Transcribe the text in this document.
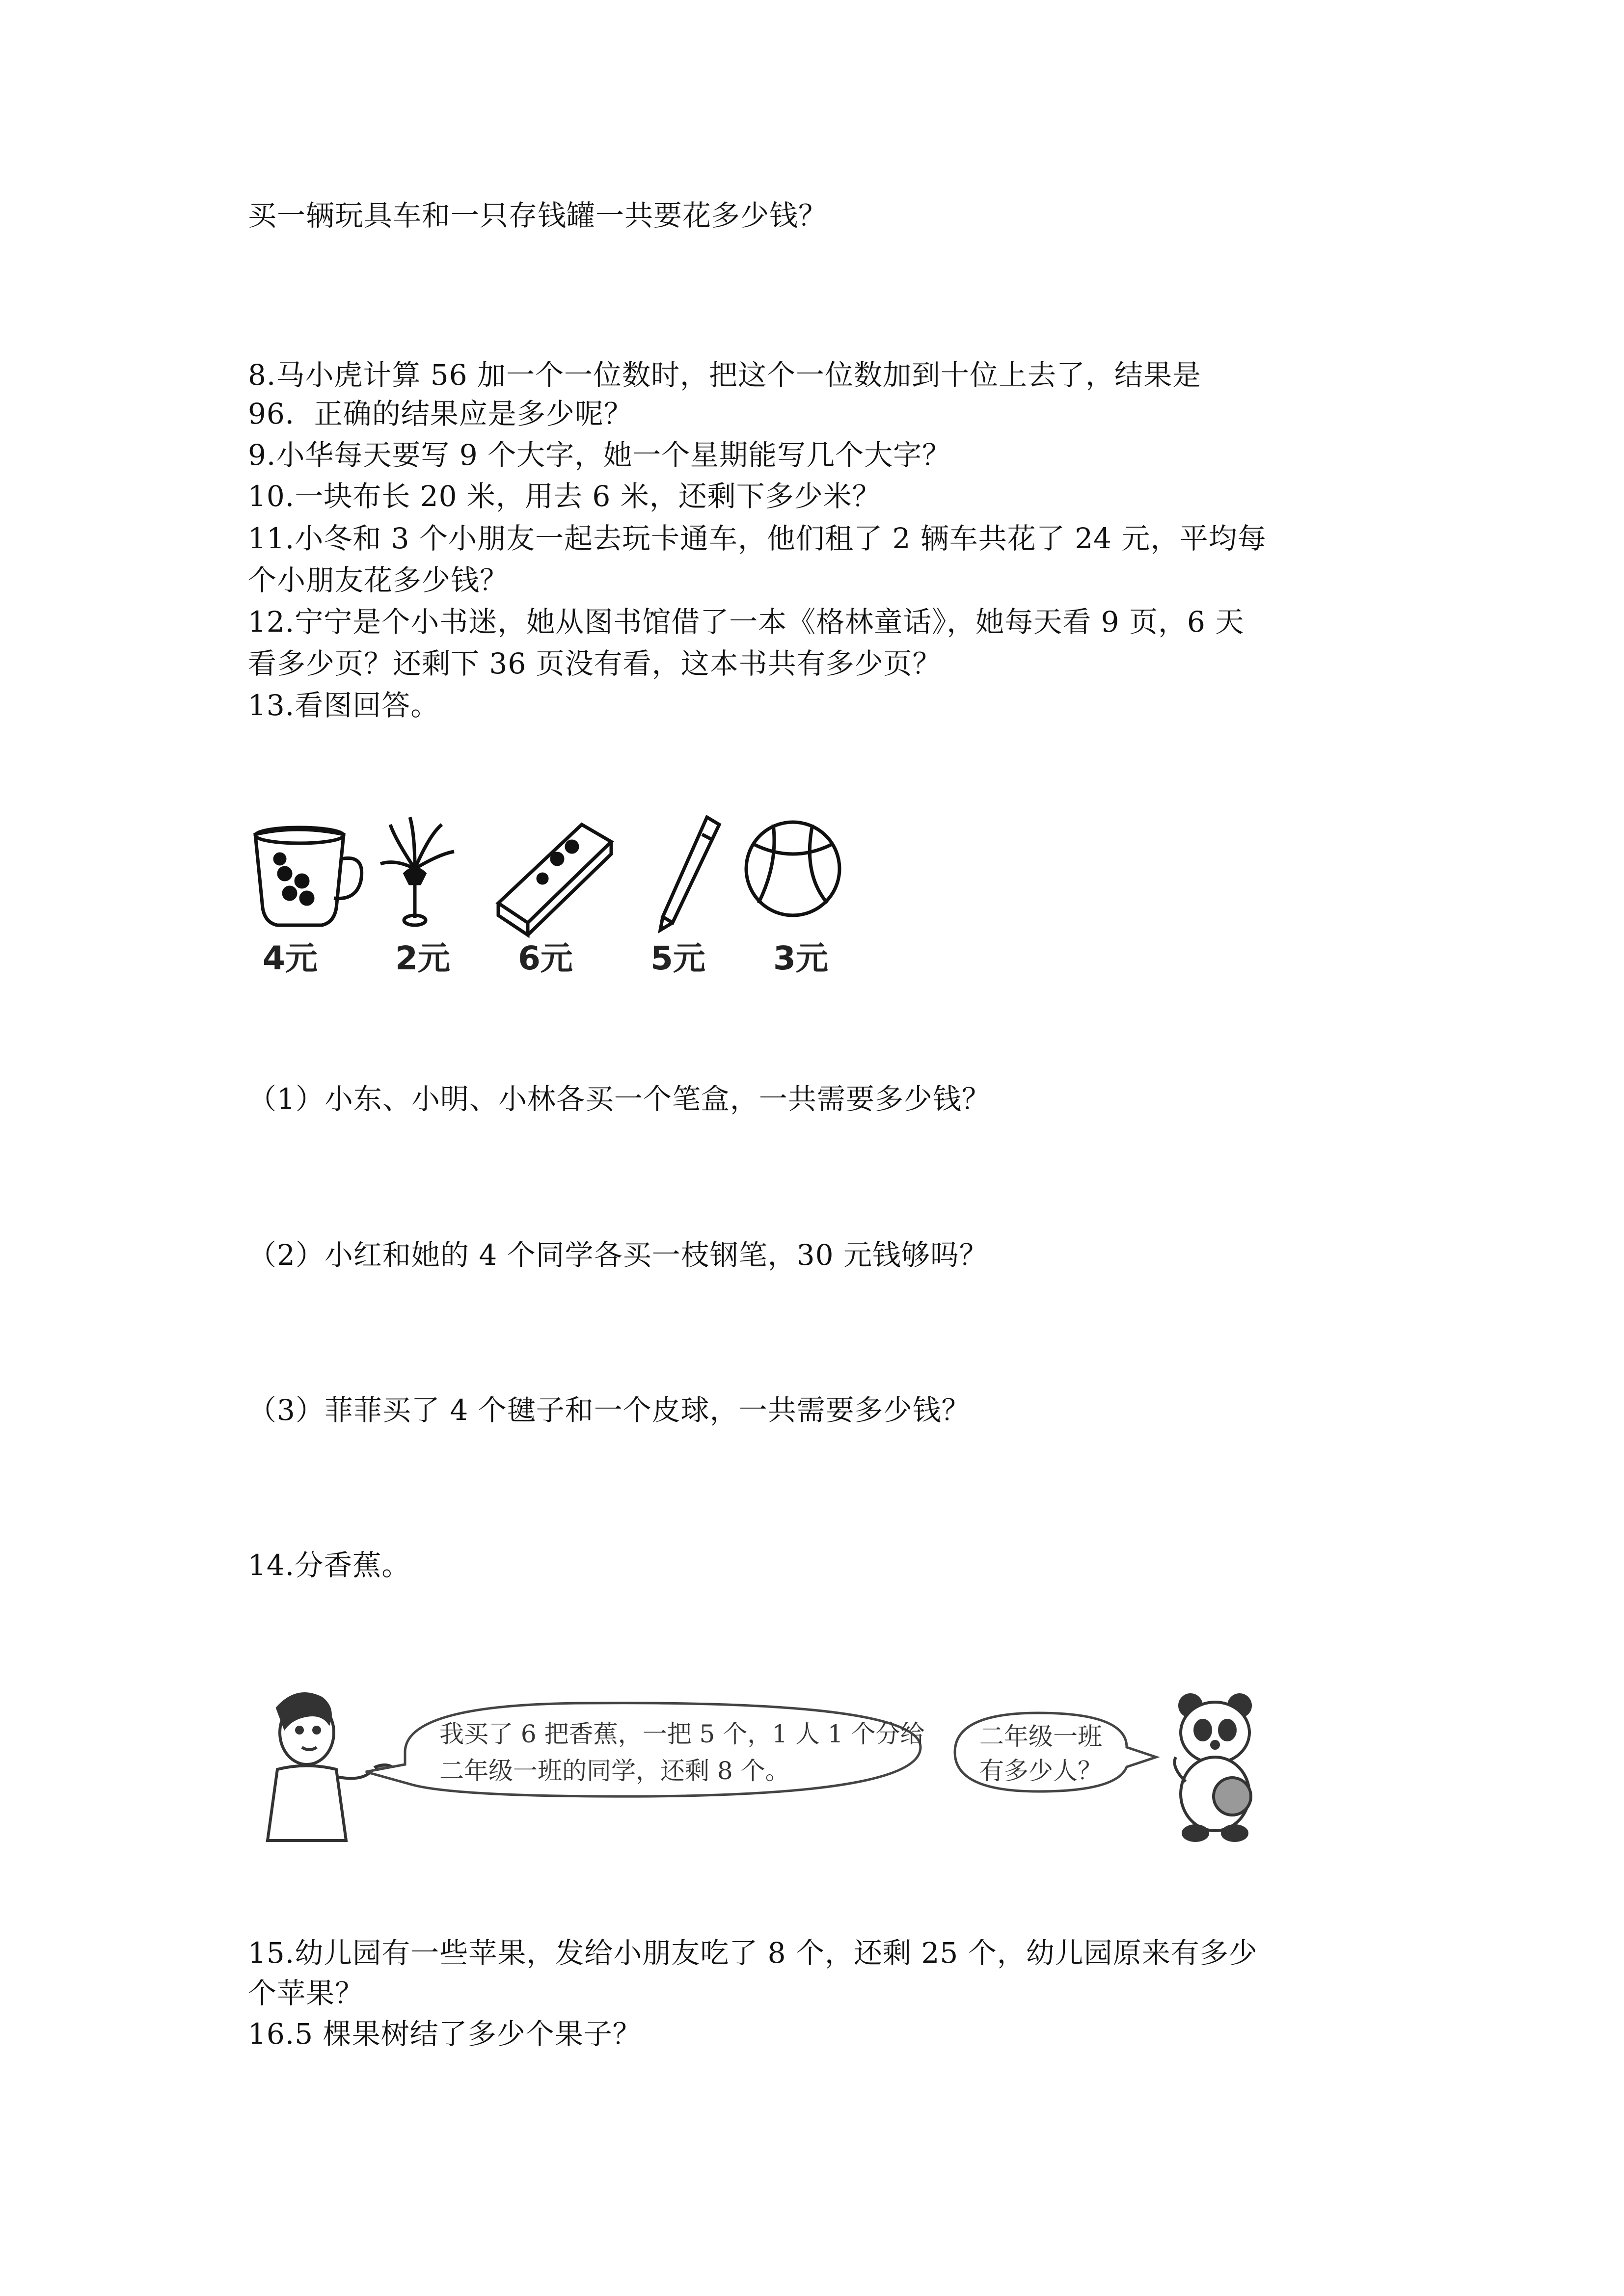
买一辆玩具车和一只存钱罐一共要花多少钱？
8.马小虎计算 56 加一个一位数时，把这个一位数加到十位上去了，结果是
96．正确的结果应是多少呢？
9.小华每天要写 9 个大字，她一个星期能写几个大字？
10.一块布长 20 米，用去 6 米，还剩下多少米？
11.小冬和 3 个小朋友一起去玩卡通车，他们租了 2 辆车共花了 24 元，平均每
个小朋友花多少钱？
12.宁宁是个小书迷，她从图书馆借了一本《格林童话》，她每天看 9 页，6 天
看多少页？还剩下 36 页没有看，这本书共有多少页？
13.看图回答。
4元 2元 6元 5元 3元
（1）小东、小明、小林各买一个笔盒，一共需要多少钱？
（2）小红和她的 4 个同学各买一枝钢笔，30 元钱够吗？
（3）菲菲买了 4 个毽子和一个皮球，一共需要多少钱？
14.分香蕉。
我买了 6 把香蕉，一把 5 个，1 人 1 个分给
二年级一班的同学，还剩 8 个。
二年级一班
有多少人？
15.幼儿园有一些苹果，发给小朋友吃了 8 个，还剩 25 个，幼儿园原来有多少
个苹果？
16.5 棵果树结了多少个果子？
